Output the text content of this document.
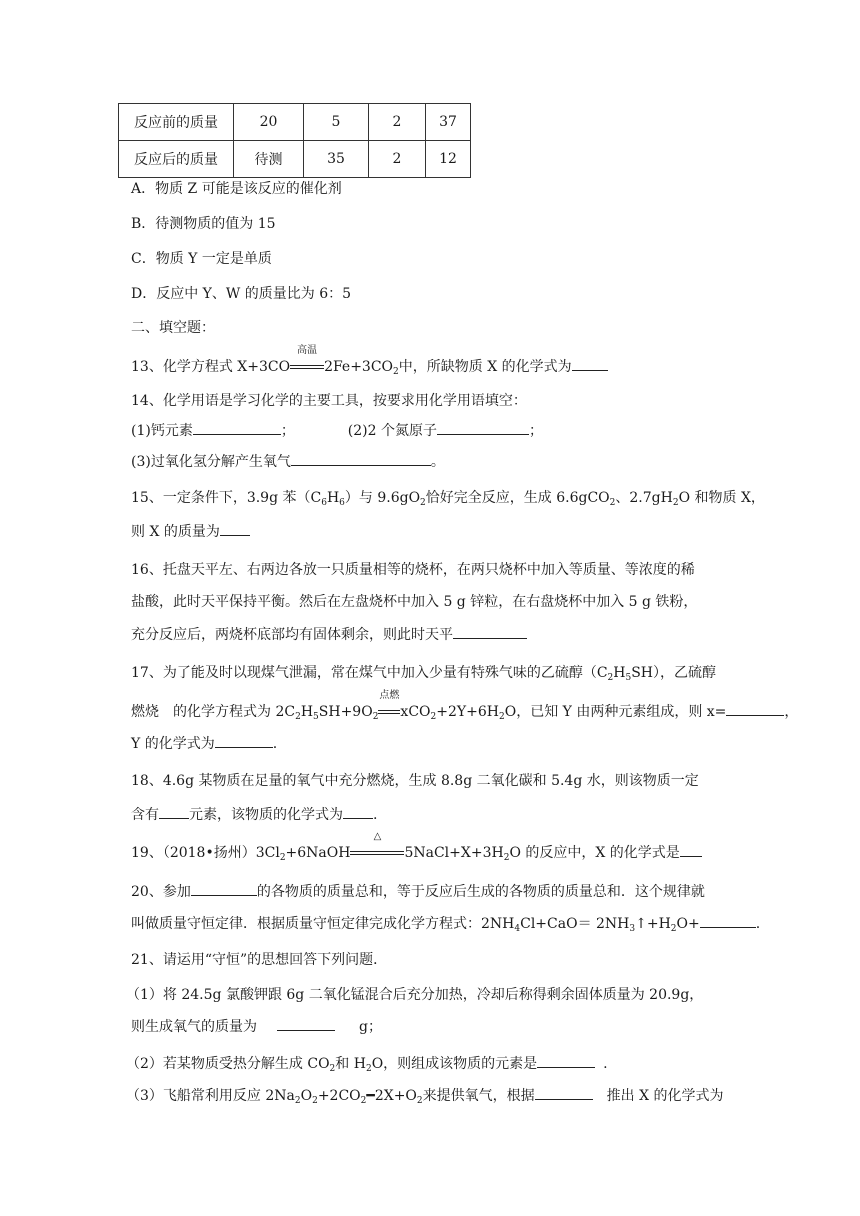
反应前的质量	20	5	2	37
反应后的质量	待测	35	2	12
A．物质 Z 可能是该反应的催化剂
B．待测物质的值为 15
C．物质 Y 一定是单质
D．反应中 Y、W 的质量比为 6：5
二、填空题：
13、化学方程式 X+3CO
高温
$2Fe+3CO_2$中，所缺物质 X 的化学式为
14、化学用语是学习化学的主要工具，按要求用化学用语填空：
(1)钙元素	；	(2)2 个氮原子	；
(3)过氧化氢分解产生氧气	。
15、一定条件下，3.9g 苯$(C_6H_6)$与 $9.6gO_2$恰好完全反应，生成 6.6gCO$_2$、$2.7gH_2O$ 和物质 X，
则 X 的质量为
16、托盘天平左、右两边各放一只质量相等的烧杯，在两只烧杯中加入等质量、等浓度的稀
盐酸，此时天平保持平衡。然后在左盘烧杯中加入 5 g 锌粒，在右盘烧杯中加入 5 g 铁粉，
充分反应后，两烧杯底部均有固体剩余，则此时天平
17、为了能及时以现煤气泄漏，常在煤气中加入少量有特殊气味的乙硫醇$(C_2H_5SH)$，乙硫醇
燃烧　的化学方程式为 $2C_2H_5SH+9O_2$
点燃
$xCO_2+2Y+6H_2O$，已知 Y 由两种元素组成，则 x=	，
Y 的化学式为	.
18、4.6g 某物质在足量的氧气中充分燃烧，生成 8.8g 二氧化碳和 5.4g 水，则该物质一定
含有 元素，该物质的化学式为 .
19、（2018•扬州）$3Cl_2+6NaOH$
△
$5NaCl+X+3H_2O$ 的反应中，X 的化学式是
20、参加	的各物质的质量总和，等于反应后生成的各物质的质量总和．这个规律就
叫做质量守恒定律．根据质量守恒定律完成化学方程式：$2NH_4Cl+CaO=$ $2NH_3↑+H_2O+$	.
21、请运用“守恒”的思想回答下列问题．
（1）将 24.5g 氯酸钾跟 6g 二氧化锰混合后充分加热，冷却后称得剩余固体质量为 20.9g，
则生成氧气的质量为	g；
（2）若某物质受热分解生成 $CO_2$和 $H_2O$，则组成该物质的元素是	.
（3）飞船常利用反应 $2Na_2O_2+2CO_2━2X+O_2$来提供氧气，根据	推出 X 的化学式为
